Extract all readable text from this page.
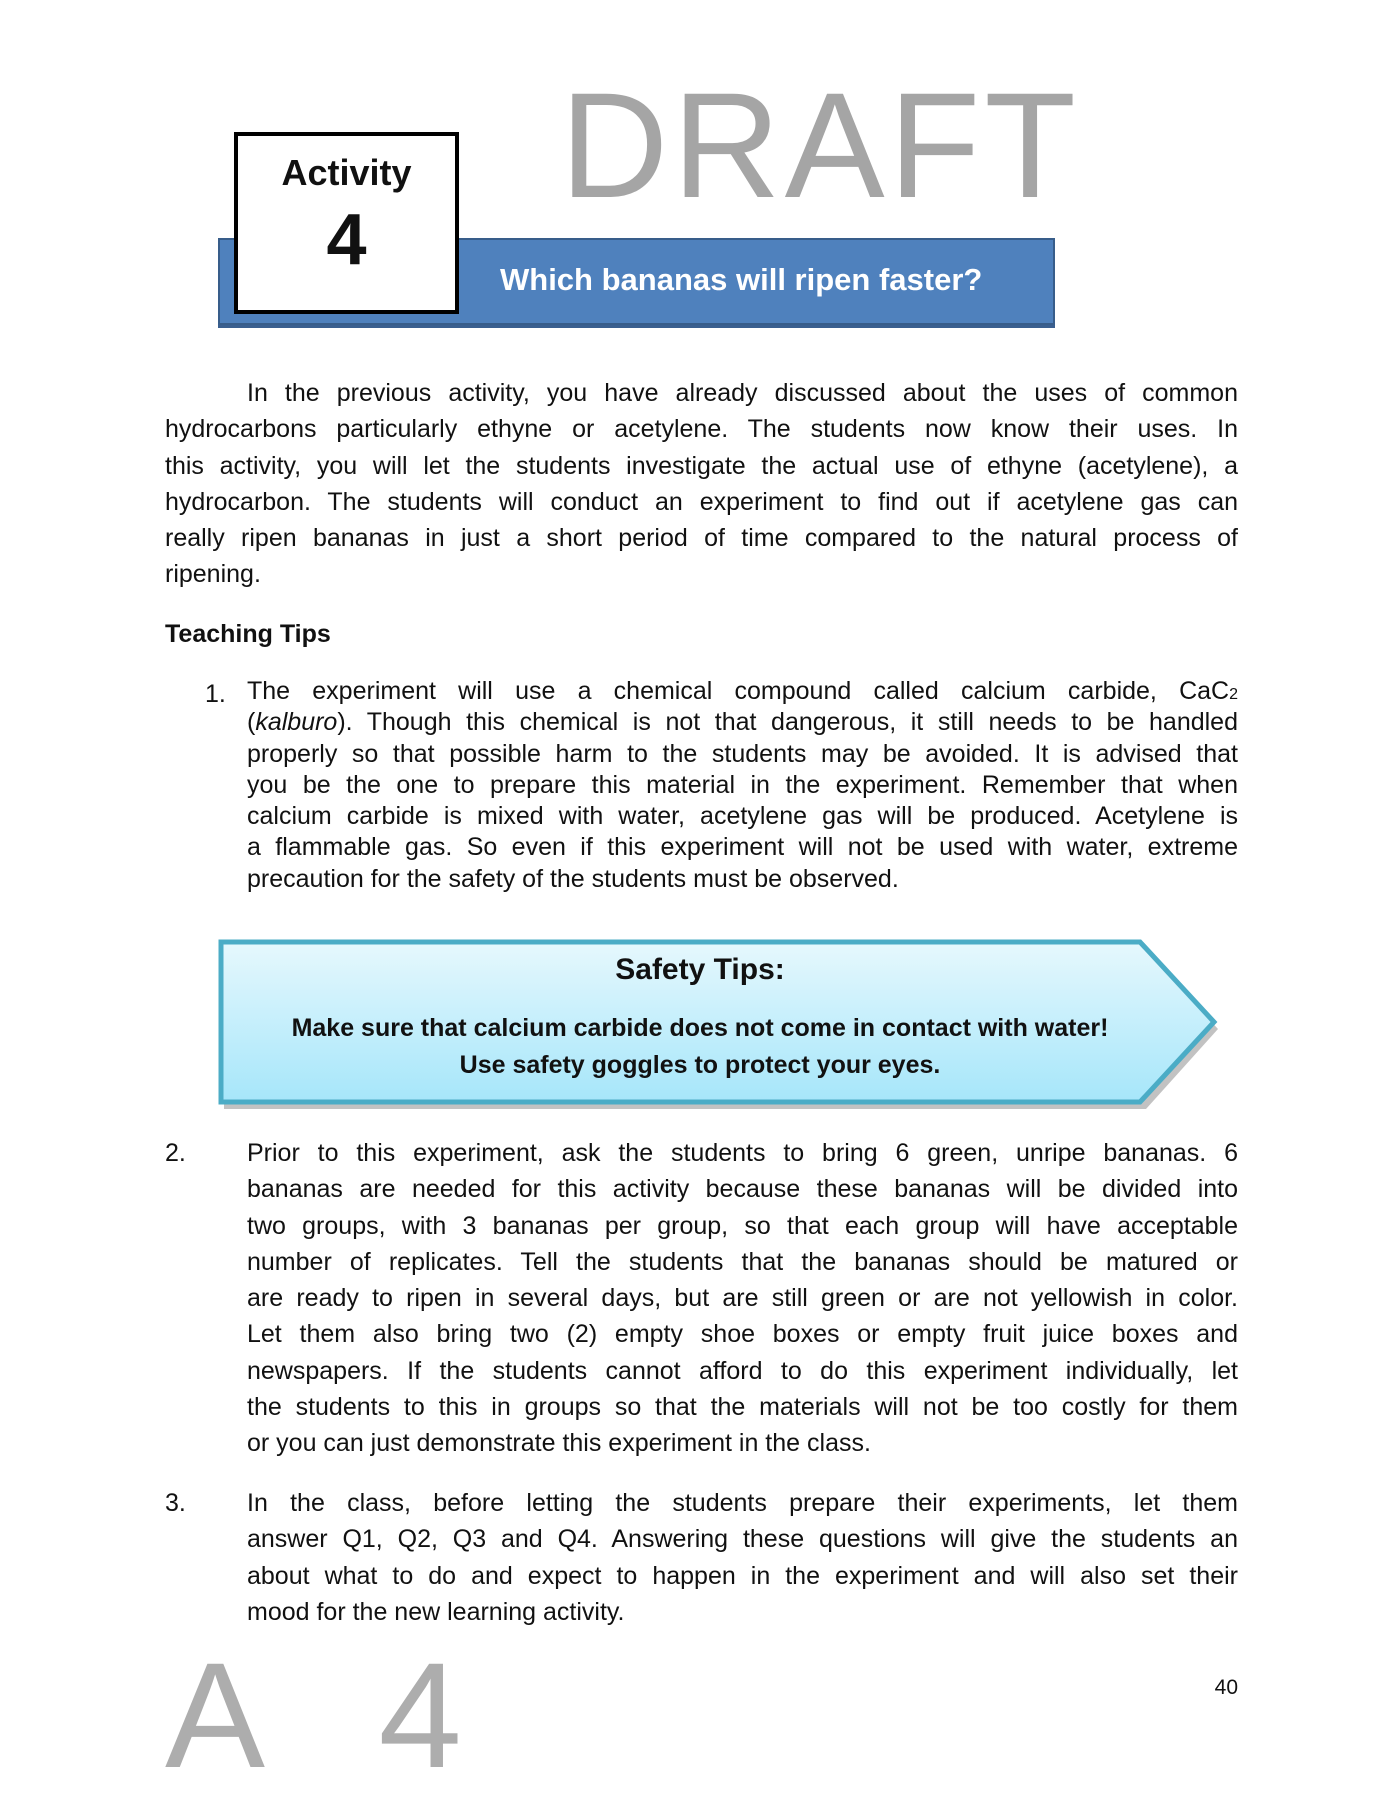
DRAFT
Which bananas will ripen faster?
Activity
4
In the previous activity, you have already discussed about the uses of common
hydrocarbons particularly ethyne or acetylene. The students now know their uses. In
this activity, you will let the students investigate the actual use of ethyne (acetylene), a
hydrocarbon. The students will conduct an experiment to find out if acetylene gas can
really ripen bananas in just a short period of time compared to the natural process of
ripening.
Teaching Tips
1. The experiment will use a chemical compound called calcium carbide, CaC2
(kalburo). Though this chemical is not that dangerous, it still needs to be handled
properly so that possible harm to the students may be avoided. It is advised that
you be the one to prepare this material in the experiment. Remember that when
calcium carbide is mixed with water, acetylene gas will be produced. Acetylene is
a flammable gas. So even if this experiment will not be used with water, extreme
precaution for the safety of the students must be observed.
Safety Tips:
Make sure that calcium carbide does not come in contact with water!
Use safety goggles to protect your eyes.
2. Prior to this experiment, ask the students to bring 6 green, unripe bananas. 6
bananas are needed for this activity because these bananas will be divided into
two groups, with 3 bananas per group, so that each group will have acceptable
number of replicates. Tell the students that the bananas should be matured or
are ready to ripen in several days, but are still green or are not yellowish in color.
Let them also bring two (2) empty shoe boxes or empty fruit juice boxes and
newspapers. If the students cannot afford to do this experiment individually, let
the students to this in groups so that the materials will not be too costly for them
or you can just demonstrate this experiment in the class.
3. In the class, before letting the students prepare their experiments, let them
answer Q1, Q2, Q3 and Q4. Answering these questions will give the students an
about what to do and expect to happen in the experiment and will also set their
mood for the new learning activity.
A 4	40
